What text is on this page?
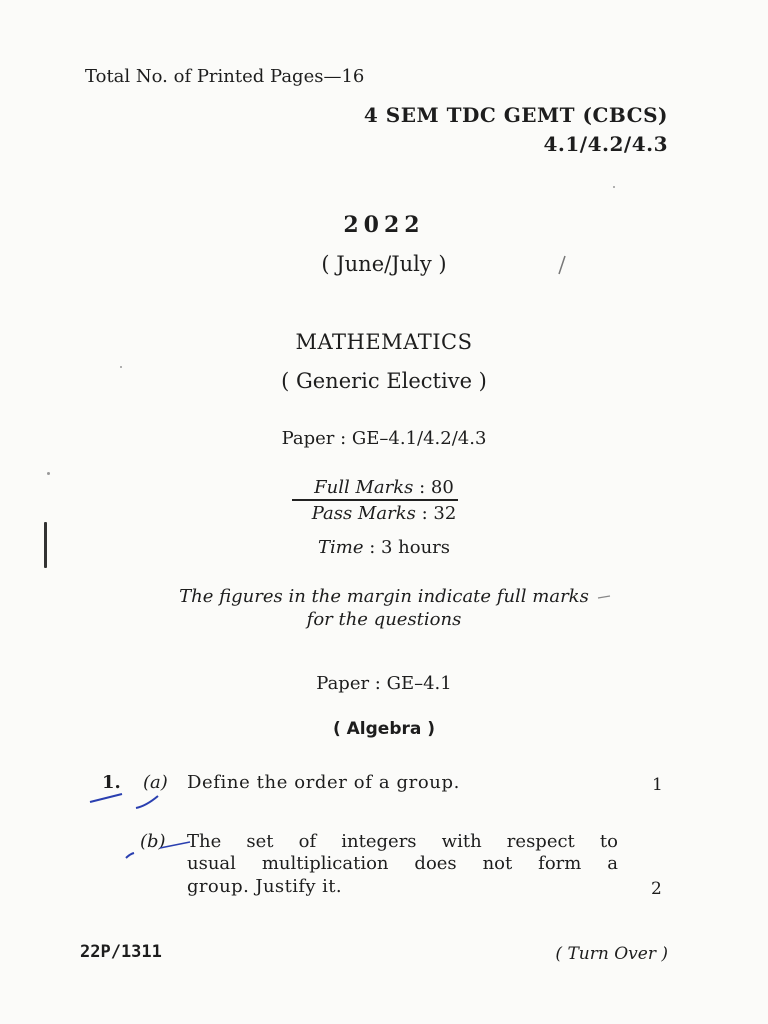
Total No. of Printed Pages—16
4 SEM TDC GEMT (CBCS)
4.1/4.2/4.3
2022
( June/July )
MATHEMATICS
( Generic Elective )
Paper : GE–4.1/4.2/4.3
Full Marks : 80
Pass Marks : 32
Time : 3 hours
The figures in the margin indicate full marks
for the questions
Paper : GE–4.1
( Algebra )
1. (a) Define the order of a group.	1
(b) The set of integers with respect to
usual multiplication does not form a
group. Justify it.	2
22P/1311	( Turn Over )
